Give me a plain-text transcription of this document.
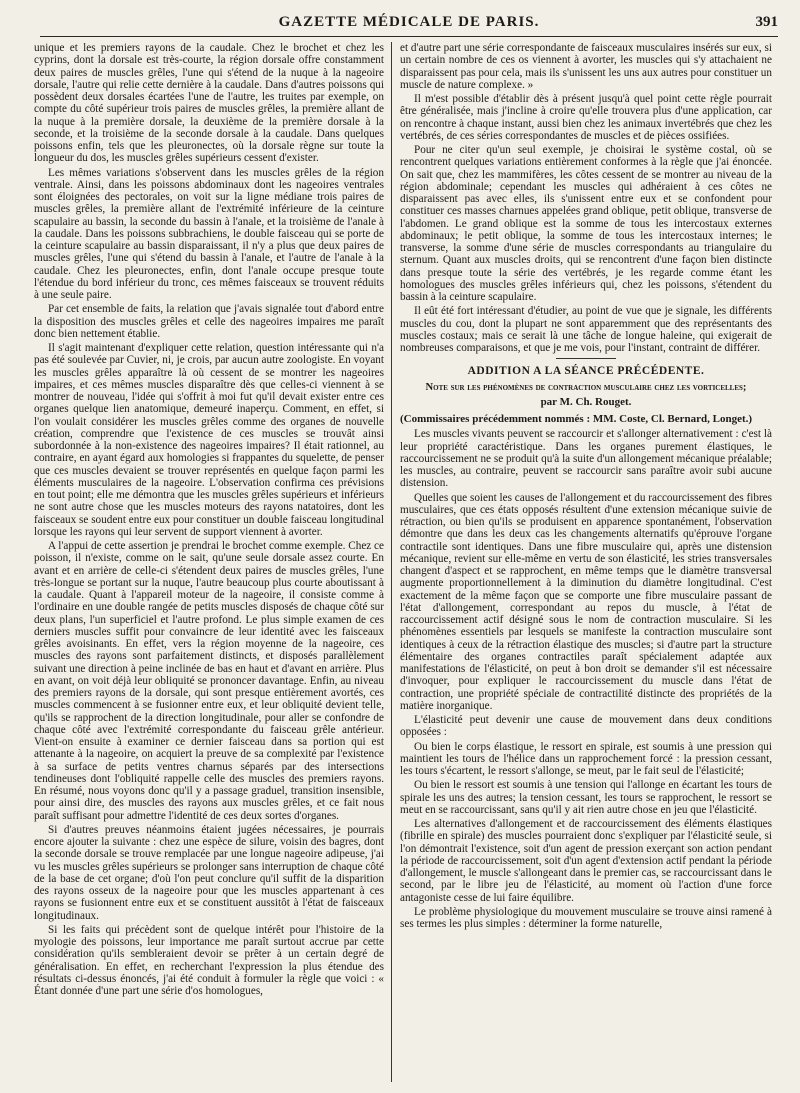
GAZETTE MÉDICALE DE PARIS.	391

unique et les premiers rayons de la caudale. Chez le brochet et chez les cyprins, dont la dorsale est très-courte, la région dorsale offre constamment deux paires de muscles grêles, l'une qui s'étend de la nuque à la nageoire dorsale, l'autre qui relie cette dernière à la caudale. Dans d'autres poissons qui possèdent deux dorsales écartées l'une de l'autre, les truites par exemple, on compte du côté supérieur trois paires de muscles grêles, la première allant de la nuque à la première dorsale, la deuxième de la première dorsale à la seconde, et la troisième de la seconde dorsale à la caudale. Dans quelques poissons enfin, tels que les pleuronectes, où la dorsale règne sur toute la longueur du dos, les muscles grêles supérieurs cessent d'exister.

Les mêmes variations s'observent dans les muscles grêles de la région ventrale. Ainsi, dans les poissons abdominaux dont les nageoires ventrales sont éloignées des pectorales, on voit sur la ligne médiane trois paires de muscles grêles, la première allant de l'extrémité inférieure de la ceinture scapulaire au bassin, la seconde du bassin à l'anale, et la troisième de l'anale à la caudale. Dans les poissons subbrachiens, le double faisceau qui se porte de la ceinture scapulaire au bassin disparaissant, il n'y a plus que deux paires de muscles grêles, l'une qui s'étend du bassin à l'anale, et l'autre de l'anale à la caudale. Chez les pleuronectes, enfin, dont l'anale occupe presque toute l'étendue du bord inférieur du tronc, ces mêmes faisceaux se trouvent réduits à une seule paire.

Par cet ensemble de faits, la relation que j'avais signalée tout d'abord entre la disposition des muscles grêles et celle des nageoires impaires me paraît donc bien nettement établie.

Il s'agit maintenant d'expliquer cette relation, question intéressante qui n'a pas été soulevée par Cuvier, ni, je crois, par aucun autre zoologiste. En voyant les muscles grêles apparaître là où cessent de se montrer les nageoires impaires, et ces mêmes muscles disparaître dès que celles-ci viennent à se montrer de nouveau, l'idée qui s'offrit à moi fut qu'il devait exister entre ces organes quelque lien anatomique, demeuré inaperçu. Comment, en effet, si l'on voulait considérer les muscles grêles comme des organes de nouvelle création, comprendre que l'existence de ces muscles se trouvât ainsi subordonnée à la non-existence des nageoires impaires? Il était rationnel, au contraire, en ayant égard aux homologies si frappantes du squelette, de penser que ces muscles devaient se trouver représentés en quelque façon parmi les éléments musculaires de la nageoire. L'observation confirma ces prévisions en tout point; elle me démontra que les muscles grêles supérieurs et inférieurs ne sont autre chose que les muscles moteurs des rayons natatoires, dont les faisceaux se soudent entre eux pour constituer un double faisceau longitudinal lorsque les rayons qui leur servent de support viennent à avorter.

A l'appui de cette assertion je prendrai le brochet comme exemple. Chez ce poisson, il n'existe, comme on le sait, qu'une seule dorsale assez courte. En avant et en arrière de celle-ci s'étendent deux paires de muscles grêles, l'une très-longue se portant sur la nuque, l'autre beaucoup plus courte aboutissant à la caudale. Quant à l'appareil moteur de la nageoire, il consiste comme à l'ordinaire en une double rangée de petits muscles disposés de chaque côté sur deux plans, l'un superficiel et l'autre profond. Le plus simple examen de ces derniers muscles suffit pour convaincre de leur identité avec les faisceaux grêles avoisinants. En effet, vers la région moyenne de la nageoire, ces muscles des rayons sont parfaitement distincts, et disposés parallèlement suivant une direction à peine inclinée de bas en haut et d'avant en arrière. Plus en avant, on voit déjà leur obliquité se prononcer davantage. Enfin, au niveau des premiers rayons de la dorsale, qui sont presque entièrement avortés, ces muscles commencent à se fusionner entre eux, et leur obliquité devient telle, qu'ils se rapprochent de la direction longitudinale, pour aller se confondre de chaque côté avec l'extrémité correspondante du faisceau grêle antérieur. Vient-on ensuite à examiner ce dernier faisceau dans sa portion qui est attenante à la nageoire, on acquiert la preuve de sa complexité par l'existence à sa surface de petits ventres charnus séparés par des intersections tendineuses dont l'obliquité rappelle celle des muscles des premiers rayons. En résumé, nous voyons donc qu'il y a passage graduel, transition insensible, pour ainsi dire, des muscles des rayons aux muscles grêles, et ce fait nous paraît suffisant pour admettre l'identité de ces deux sortes d'organes.

Si d'autres preuves néanmoins étaient jugées nécessaires, je pourrais encore ajouter la suivante : chez une espèce de silure, voisin des bagres, dont la seconde dorsale se trouve remplacée par une longue nageoire adipeuse, j'ai vu les muscles grêles supérieurs se prolonger sans interruption de chaque côté de la base de cet organe; d'où l'on peut conclure qu'il suffit de la disparition des rayons osseux de la nageoire pour que les muscles appartenant à ces rayons se fusionnent entre eux et se constituent aussitôt à l'état de faisceaux longitudinaux.

Si les faits qui précèdent sont de quelque intérêt pour l'histoire de la myologie des poissons, leur importance me paraît surtout accrue par cette considération qu'ils sembleraient devoir se prêter à un certain degré de généralisation. En effet, en recherchant l'expression la plus étendue des résultats ci-dessus énoncés, j'ai été conduit à formuler la règle que voici : « Étant donnée d'une part une série d'os homologues,

et d'autre part une série correspondante de faisceaux musculaires insérés sur eux, si un certain nombre de ces os viennent à avorter, les muscles qui s'y attachaient ne disparaissent pas pour cela, mais ils s'unissent les uns aux autres pour constituer un muscle de nature complexe. »

Il m'est possible d'établir dès à présent jusqu'à quel point cette règle pourrait être généralisée, mais j'incline à croire qu'elle trouvera plus d'une application, car on rencontre à chaque instant, aussi bien chez les animaux invertébrés que chez les vertébrés, de ces séries correspondantes de muscles et de pièces ossifiées.

Pour ne citer qu'un seul exemple, je choisirai le système costal, où se rencontrent quelques variations entièrement conformes à la règle que j'ai énoncée. On sait que, chez les mammifères, les côtes cessent de se montrer au niveau de la région abdominale; cependant les muscles qui adhéraient à ces côtes ne disparaissent pas avec elles, ils s'unissent entre eux et se confondent pour constituer ces masses charnues appelées grand oblique, petit oblique, transverse de l'abdomen. Le grand oblique est la somme de tous les intercostaux externes abdominaux; le petit oblique, la somme de tous les intercostaux internes; le transverse, la somme d'une série de muscles correspondants au triangulaire du sternum. Quant aux muscles droits, qui se rencontrent d'une façon bien distincte dans presque toute la série des vertébrés, je les regarde comme étant les homologues des muscles grêles inférieurs qui, chez les poissons, s'étendent du bassin à la ceinture scapulaire.

Il eût été fort intéressant d'étudier, au point de vue que je signale, les différents muscles du cou, dont la plupart ne sont apparemment que des représentants des muscles costaux; mais ce serait là une tâche de longue haleine, qui exigerait de nombreuses comparaisons, et que je me vois, pour l'instant, contraint de différer.

ADDITION A LA SÉANCE PRÉCÉDENTE.
Note sur les phénomènes de contraction musculaire chez les vorticelles;
par M. Ch. Rouget.

(Commissaires précédemment nommés : MM. Coste, Cl. Bernard, Longet.)

Les muscles vivants peuvent se raccourcir et s'allonger alternativement : c'est là leur propriété caractéristique. Dans les organes purement élastiques, le raccourcissement ne se produit qu'à la suite d'un allongement mécanique préalable; les muscles, au contraire, peuvent se raccourcir sans paraître avoir subi aucune distension.

Quelles que soient les causes de l'allongement et du raccourcissement des fibres musculaires, que ces états opposés résultent d'une extension mécanique suivie de rétraction, ou bien qu'ils se produisent en apparence spontanément, l'observation démontre que dans les deux cas les changements alternatifs qu'éprouve l'organe contractile sont identiques. Dans une fibre musculaire qui, après une distension mécanique, revient sur elle-même en vertu de son élasticité, les stries transversales changent d'aspect et se rapprochent, en même temps que le diamètre transversal augmente proportionnellement à la diminution du diamètre longitudinal. C'est exactement de la même façon que se comporte une fibre musculaire passant de l'état d'allongement, correspondant au repos du muscle, à l'état de raccourcissement actif désigné sous le nom de contraction musculaire. Si les phénomènes essentiels par lesquels se manifeste la contraction musculaire sont identiques à ceux de la rétraction élastique des muscles; si d'autre part la structure élémentaire des organes contractiles paraît spécialement adaptée aux manifestations de l'élasticité, on peut à bon droit se demander s'il est nécessaire d'invoquer, pour expliquer le raccourcissement du muscle dans l'état de contraction, une propriété spéciale de contractilité distincte des propriétés de la matière inorganique.

L'élasticité peut devenir une cause de mouvement dans deux conditions opposées :

Ou bien le corps élastique, le ressort en spirale, est soumis à une pression qui maintient les tours de l'hélice dans un rapprochement forcé : la pression cessant, les tours s'écartent, le ressort s'allonge, se meut, par le fait seul de l'élasticité;

Ou bien le ressort est soumis à une tension qui l'allonge en écartant les tours de spirale les uns des autres; la tension cessant, les tours se rapprochent, le ressort se meut en se raccourcissant, sans qu'il y ait rien autre chose en jeu que l'élasticité.

Les alternatives d'allongement et de raccourcissement des éléments élastiques (fibrille en spirale) des muscles pourraient donc s'expliquer par l'élasticité seule, si l'on démontrait l'existence, soit d'un agent de pression exerçant son action pendant la période de raccourcissement, soit d'un agent d'extension actif pendant la période d'allongement, le muscle s'allongeant dans le premier cas, se raccourcissant dans le second, par le libre jeu de l'élasticité, au moment où l'action d'une force antagoniste cesse de lui faire équilibre.

Le problème physiologique du mouvement musculaire se trouve ainsi ramené à ses termes les plus simples : déterminer la forme naturelle,
